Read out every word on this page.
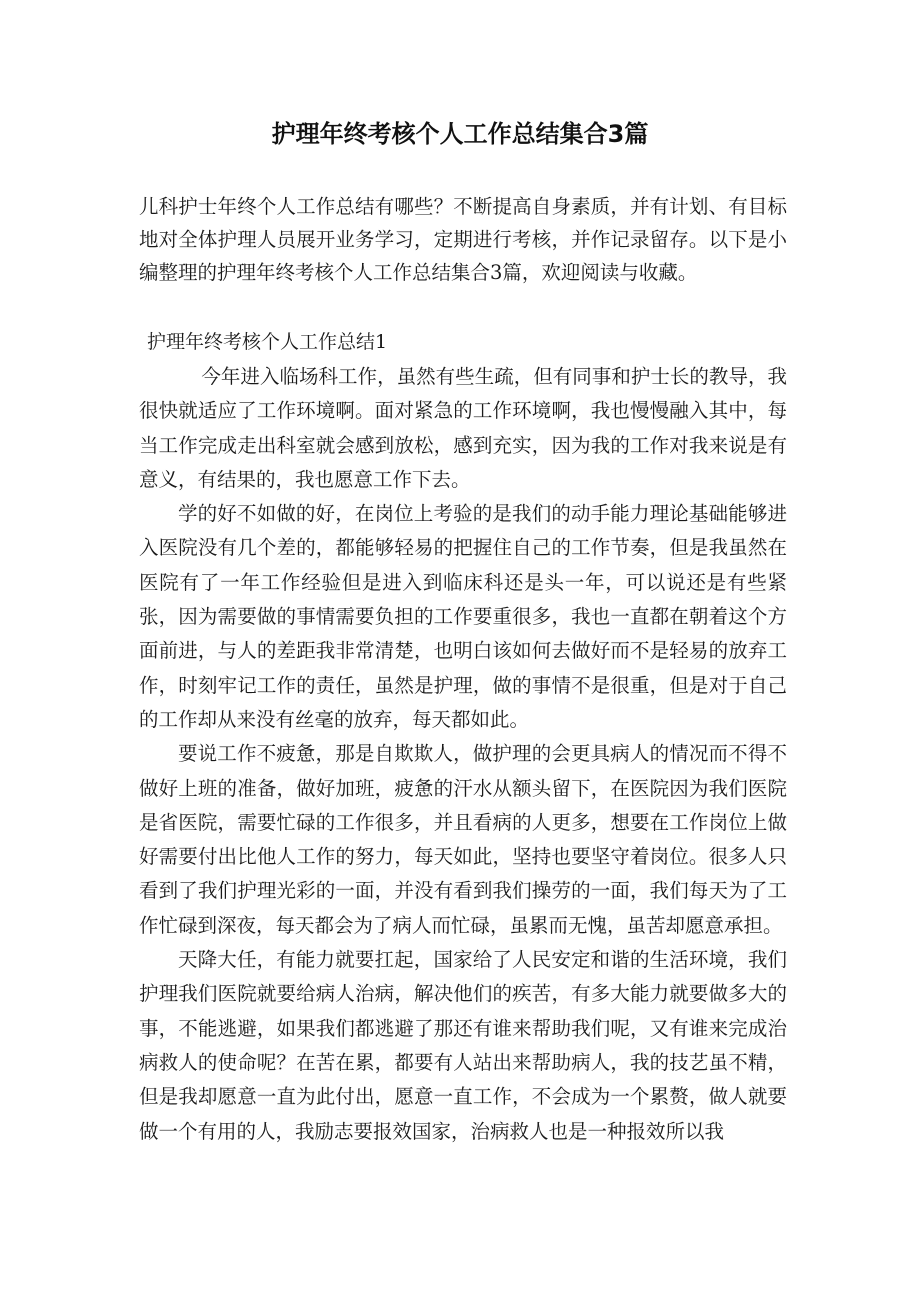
护理年终考核个人工作总结集合3篇
儿科护士年终个人工作总结有哪些？不断提高自身素质，并有计划、有目标地对全体护理人员展开业务学习，定期进行考核，并作记录留存。以下是小编整理的护理年终考核个人工作总结集合3篇，欢迎阅读与收藏。
护理年终考核个人工作总结1

今年进入临场科工作，虽然有些生疏，但有同事和护士长的教导，我很快就适应了工作环境啊。面对紧急的工作环境啊，我也慢慢融入其中，每当工作完成走出科室就会感到放松，感到充实，因为我的工作对我来说是有意义，有结果的，我也愿意工作下去。

学的好不如做的好，在岗位上考验的是我们的动手能力理论基础能够进入医院没有几个差的，都能够轻易的把握住自己的工作节奏，但是我虽然在医院有了一年工作经验但是进入到临床科还是头一年，可以说还是有些紧张，因为需要做的事情需要负担的工作要重很多，我也一直都在朝着这个方面前进，与人的差距我非常清楚，也明白该如何去做好而不是轻易的放弃工作，时刻牢记工作的责任，虽然是护理，做的事情不是很重，但是对于自己的工作却从来没有丝毫的放弃，每天都如此。

要说工作不疲惫，那是自欺欺人，做护理的会更具病人的情况而不得不做好上班的准备，做好加班，疲惫的汗水从额头留下，在医院因为我们医院是省医院，需要忙碌的工作很多，并且看病的人更多，想要在工作岗位上做好需要付出比他人工作的努力，每天如此，坚持也要坚守着岗位。很多人只看到了我们护理光彩的一面，并没有看到我们操劳的一面，我们每天为了工作忙碌到深夜，每天都会为了病人而忙碌，虽累而无愧，虽苦却愿意承担。

天降大任，有能力就要扛起，国家给了人民安定和谐的生活环境，我们护理我们医院就要给病人治病，解决他们的疾苦，有多大能力就要做多大的事，不能逃避，如果我们都逃避了那还有谁来帮助我们呢，又有谁来完成治病救人的使命呢？在苦在累，都要有人站出来帮助病人，我的技艺虽不精，但是我却愿意一直为此付出，愿意一直工作，不会成为一个累赘，做人就要做一个有用的人，我励志要报效国家，治病救人也是一种报效所以我
